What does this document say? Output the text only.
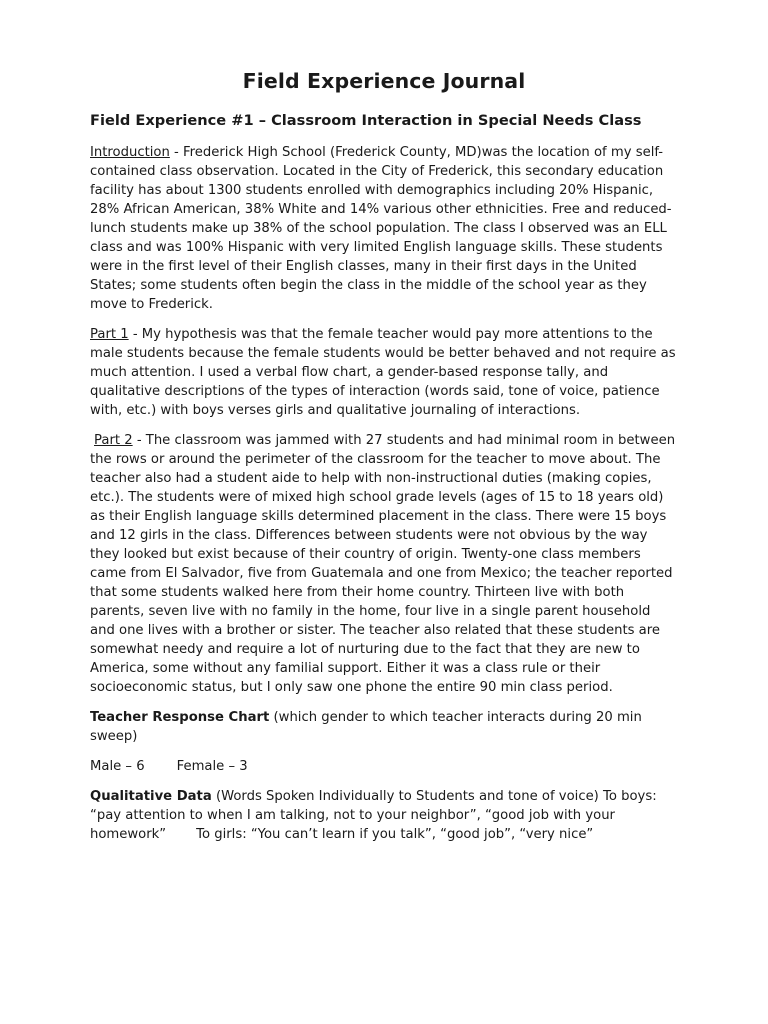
Field Experience Journal
Field Experience #1 – Classroom Interaction in Special Needs Class

Introduction - Frederick High School (Frederick County, MD)was the location of my self-contained class observation. Located in the City of Frederick, this secondary education facility has about 1300 students enrolled with demographics including 20% Hispanic, 28% African American, 38% White and 14% various other ethnicities. Free and reduced-lunch students make up 38% of the school population. The class I observed was an ELL class and was 100% Hispanic with very limited English language skills. These students were in the first level of their English classes, many in their first days in the United States; some students often begin the class in the middle of the school year as they move to Frederick.

Part 1 - My hypothesis was that the female teacher would pay more attentions to the male students because the female students would be better behaved and not require as much attention. I used a verbal flow chart, a gender-based response tally, and qualitative descriptions of the types of interaction (words said, tone of voice, patience with, etc.) with boys verses girls and qualitative journaling of interactions.

Part 2 - The classroom was jammed with 27 students and had minimal room in between the rows or around the perimeter of the classroom for the teacher to move about. The teacher also had a student aide to help with non-instructional duties (making copies, etc.). The students were of mixed high school grade levels (ages of 15 to 18 years old) as their English language skills determined placement in the class. There were 15 boys and 12 girls in the class. Differences between students were not obvious by the way they looked but exist because of their country of origin. Twenty-one class members came from El Salvador, five from Guatemala and one from Mexico; the teacher reported that some students walked here from their home country. Thirteen live with both parents, seven live with no family in the home, four live in a single parent household and one lives with a brother or sister. The teacher also related that these students are somewhat needy and require a lot of nurturing due to the fact that they are new to America, some without any familial support. Either it was a class rule or their socioeconomic status, but I only saw one phone the entire 90 min class period.

Teacher Response Chart (which gender to which teacher interacts during 20 min sweep)

Male – 6 Female – 3

Qualitative Data (Words Spoken Individually to Students and tone of voice) To boys: “pay attention to when I am talking, not to your neighbor”, “good job with your homework” To girls: “You can’t learn if you talk”, “good job”, “very nice”
